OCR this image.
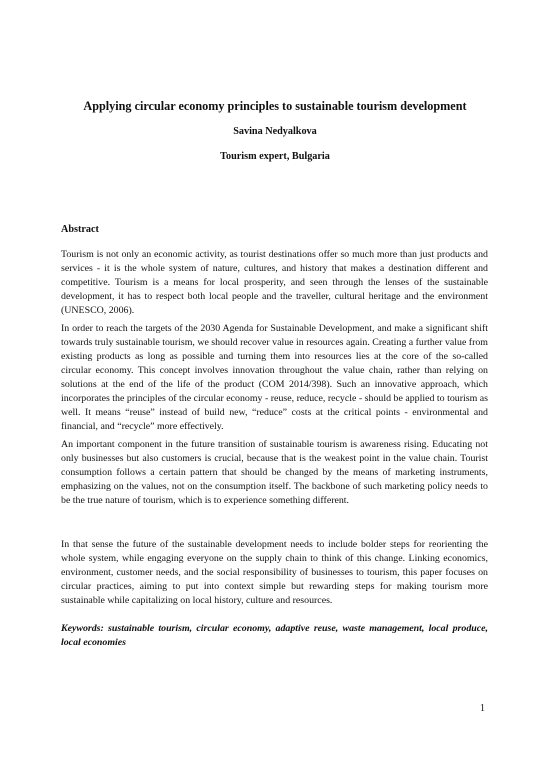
Applying circular economy principles to sustainable tourism development

Savina Nedyalkova

Tourism expert, Bulgaria

Abstract

Tourism is not only an economic activity, as tourist destinations offer so much more than just products and services - it is the whole system of nature, cultures, and history that makes a destination different and competitive. Tourism is a means for local prosperity, and seen through the lenses of the sustainable development, it has to respect both local people and the traveller, cultural heritage and the environment (UNESCO, 2006).

In order to reach the targets of the 2030 Agenda for Sustainable Development, and make a significant shift towards truly sustainable tourism, we should recover value in resources again. Creating a further value from existing products as long as possible and turning them into resources lies at the core of the so-called circular economy. This concept involves innovation throughout the value chain, rather than relying on solutions at the end of the life of the product (COM 2014/398). Such an innovative approach, which incorporates the principles of the circular economy - reuse, reduce, recycle - should be applied to tourism as well. It means “reuse” instead of build new, “reduce” costs at the critical points - environmental and financial, and “recycle” more effectively.

An important component in the future transition of sustainable tourism is awareness rising. Educating not only businesses but also customers is crucial, because that is the weakest point in the value chain. Tourist consumption follows a certain pattern that should be changed by the means of marketing instruments, emphasizing on the values, not on the consumption itself. The backbone of such marketing policy needs to be the true nature of tourism, which is to experience something different.

In that sense the future of the sustainable development needs to include bolder steps for reorienting the whole system, while engaging everyone on the supply chain to think of this change. Linking economics, environment, customer needs, and the social responsibility of businesses to tourism, this paper focuses on circular practices, aiming to put into context simple but rewarding steps for making tourism more sustainable while capitalizing on local history, culture and resources.

Keywords: sustainable tourism, circular economy, adaptive reuse, waste management, local produce, local economies

1
